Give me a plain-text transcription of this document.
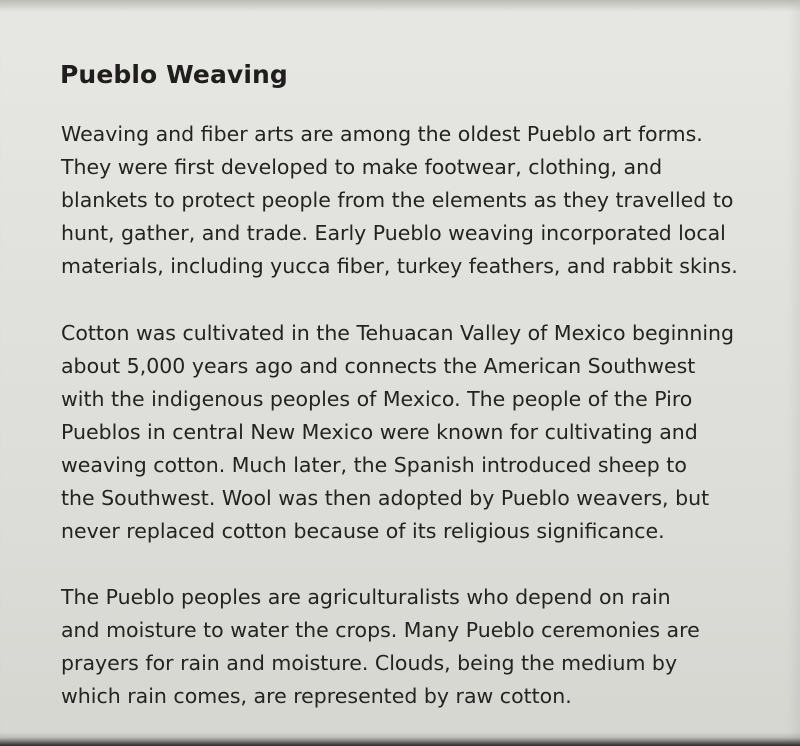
Pueblo Weaving
Weaving and fiber arts are among the oldest Pueblo art forms.
They were first developed to make footwear, clothing, and
blankets to protect people from the elements as they travelled to
hunt, gather, and trade. Early Pueblo weaving incorporated local
materials, including yucca fiber, turkey feathers, and rabbit skins.
Cotton was cultivated in the Tehuacan Valley of Mexico beginning
about 5,000 years ago and connects the American Southwest
with the indigenous peoples of Mexico. The people of the Piro
Pueblos in central New Mexico were known for cultivating and
weaving cotton. Much later, the Spanish introduced sheep to
the Southwest. Wool was then adopted by Pueblo weavers, but
never replaced cotton because of its religious significance.
The Pueblo peoples are agriculturalists who depend on rain
and moisture to water the crops. Many Pueblo ceremonies are
prayers for rain and moisture. Clouds, being the medium by
which rain comes, are represented by raw cotton.
